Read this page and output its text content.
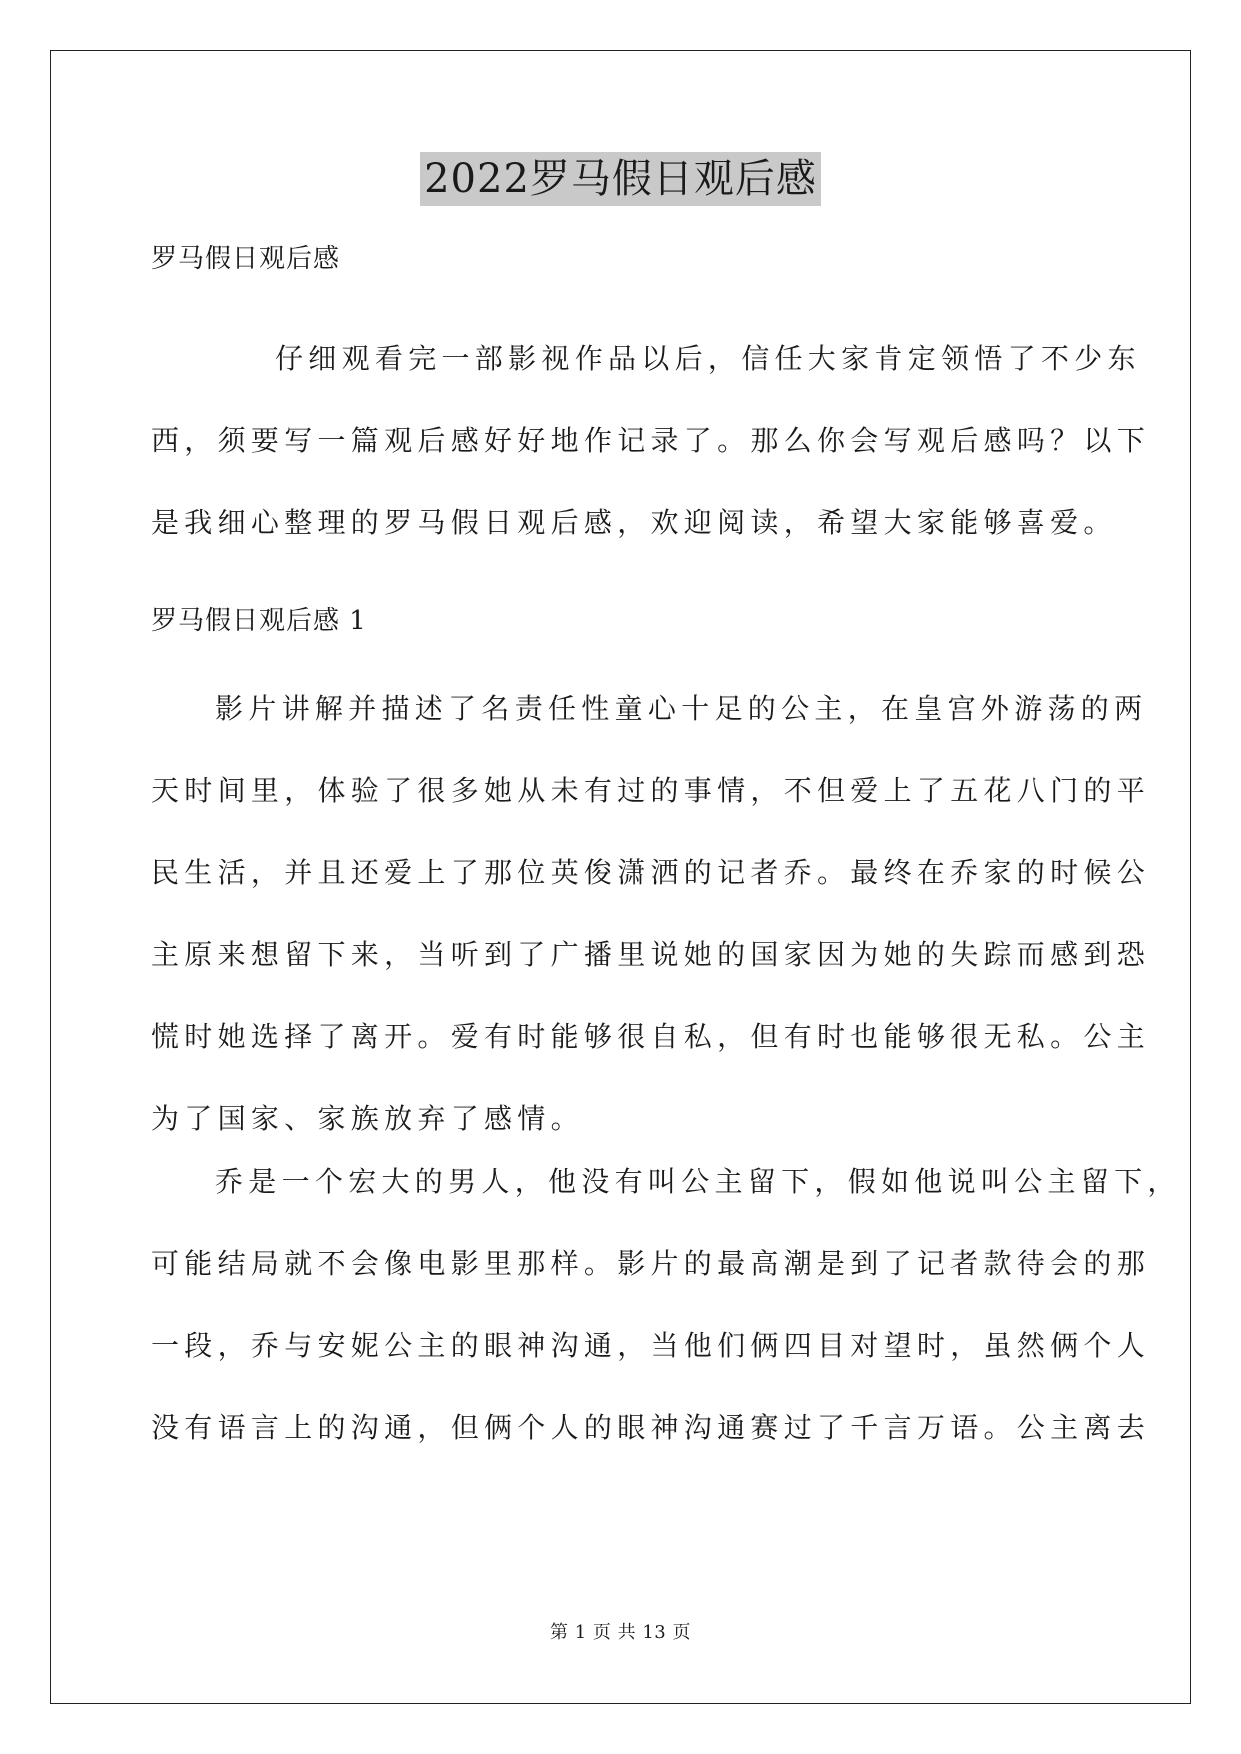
2022罗马假日观后感
罗马假日观后感
仔细观看完一部影视作品以后，信任大家肯定领悟了不少东
西，须要写一篇观后感好好地作记录了。那么你会写观后感吗？以下
是我细心整理的罗马假日观后感，欢迎阅读，希望大家能够喜爱。
罗马假日观后感 1
影片讲解并描述了名责任性童心十足的公主，在皇宫外游荡的两
天时间里，体验了很多她从未有过的事情，不但爱上了五花八门的平
民生活，并且还爱上了那位英俊潇洒的记者乔。最终在乔家的时候公
主原来想留下来，当听到了广播里说她的国家因为她的失踪而感到恐
慌时她选择了离开。爱有时能够很自私，但有时也能够很无私。公主
为了国家、家族放弃了感情。
乔是一个宏大的男人，他没有叫公主留下，假如他说叫公主留下，
可能结局就不会像电影里那样。影片的最高潮是到了记者款待会的那
一段，乔与安妮公主的眼神沟通，当他们俩四目对望时，虽然俩个人
没有语言上的沟通，但俩个人的眼神沟通赛过了千言万语。公主离去
第 1 页 共 13 页
